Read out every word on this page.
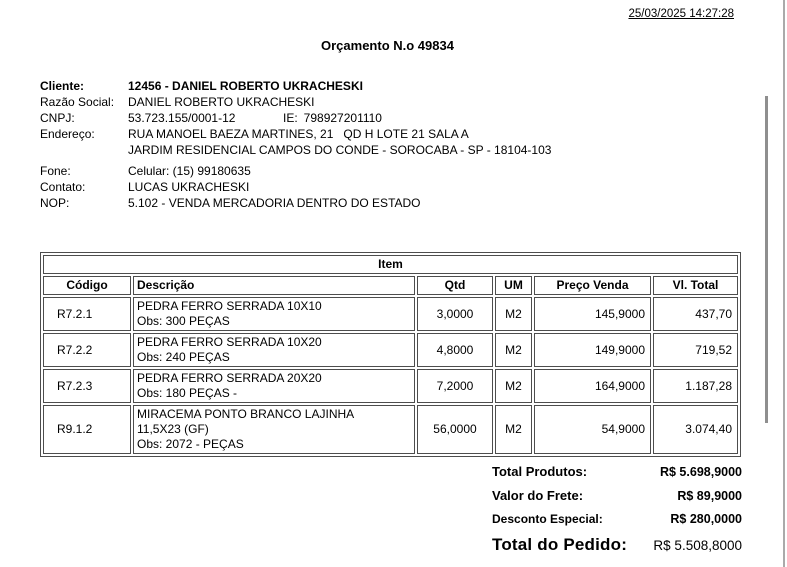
25/03/2025 14:27:28
Orçamento N.o 49834
Cliente:	12456 - DANIEL ROBERTO UKRACHESKI
Razão Social:	DANIEL ROBERTO UKRACHESKI
CNPJ:	53.723.155/0001-12	IE: 798927201110
Endereço:	RUA MANOEL BAEZA MARTINES, 21   QD H LOTE 21 SALA A
JARDIM RESIDENCIAL CAMPOS DO CONDE - SOROCABA - SP - 18104-103
Fone:	Celular: (15) 99180635
Contato:	LUCAS UKRACHESKI
NOP:	5.102 - VENDA MERCADORIA DENTRO DO ESTADO
Item					
Código	Descrição	Qtd	UM	Preço Venda	Vl. Total
R7.2.1	PEDRA FERRO SERRADA 10X10
Obs: 300 PEÇAS	3,0000	M2	145,9000	437,70
R7.2.2	PEDRA FERRO SERRADA 10X20
Obs: 240 PEÇAS	4,8000	M2	149,9000	719,52
R7.2.3	PEDRA FERRO SERRADA 20X20
Obs: 180 PEÇAS -	7,2000	M2	164,9000	1.187,28
R9.1.2	MIRACEMA PONTO BRANCO LAJINHA
11,5X23 (GF)
Obs: 2072 - PEÇAS	56,0000	M2	54,9000	3.074,40
Total Produtos:	R$ 5.698,9000
Valor do Frete:	R$ 89,9000
Desconto Especial:	R$ 280,0000
Total do Pedido: R$ 5.508,8000
